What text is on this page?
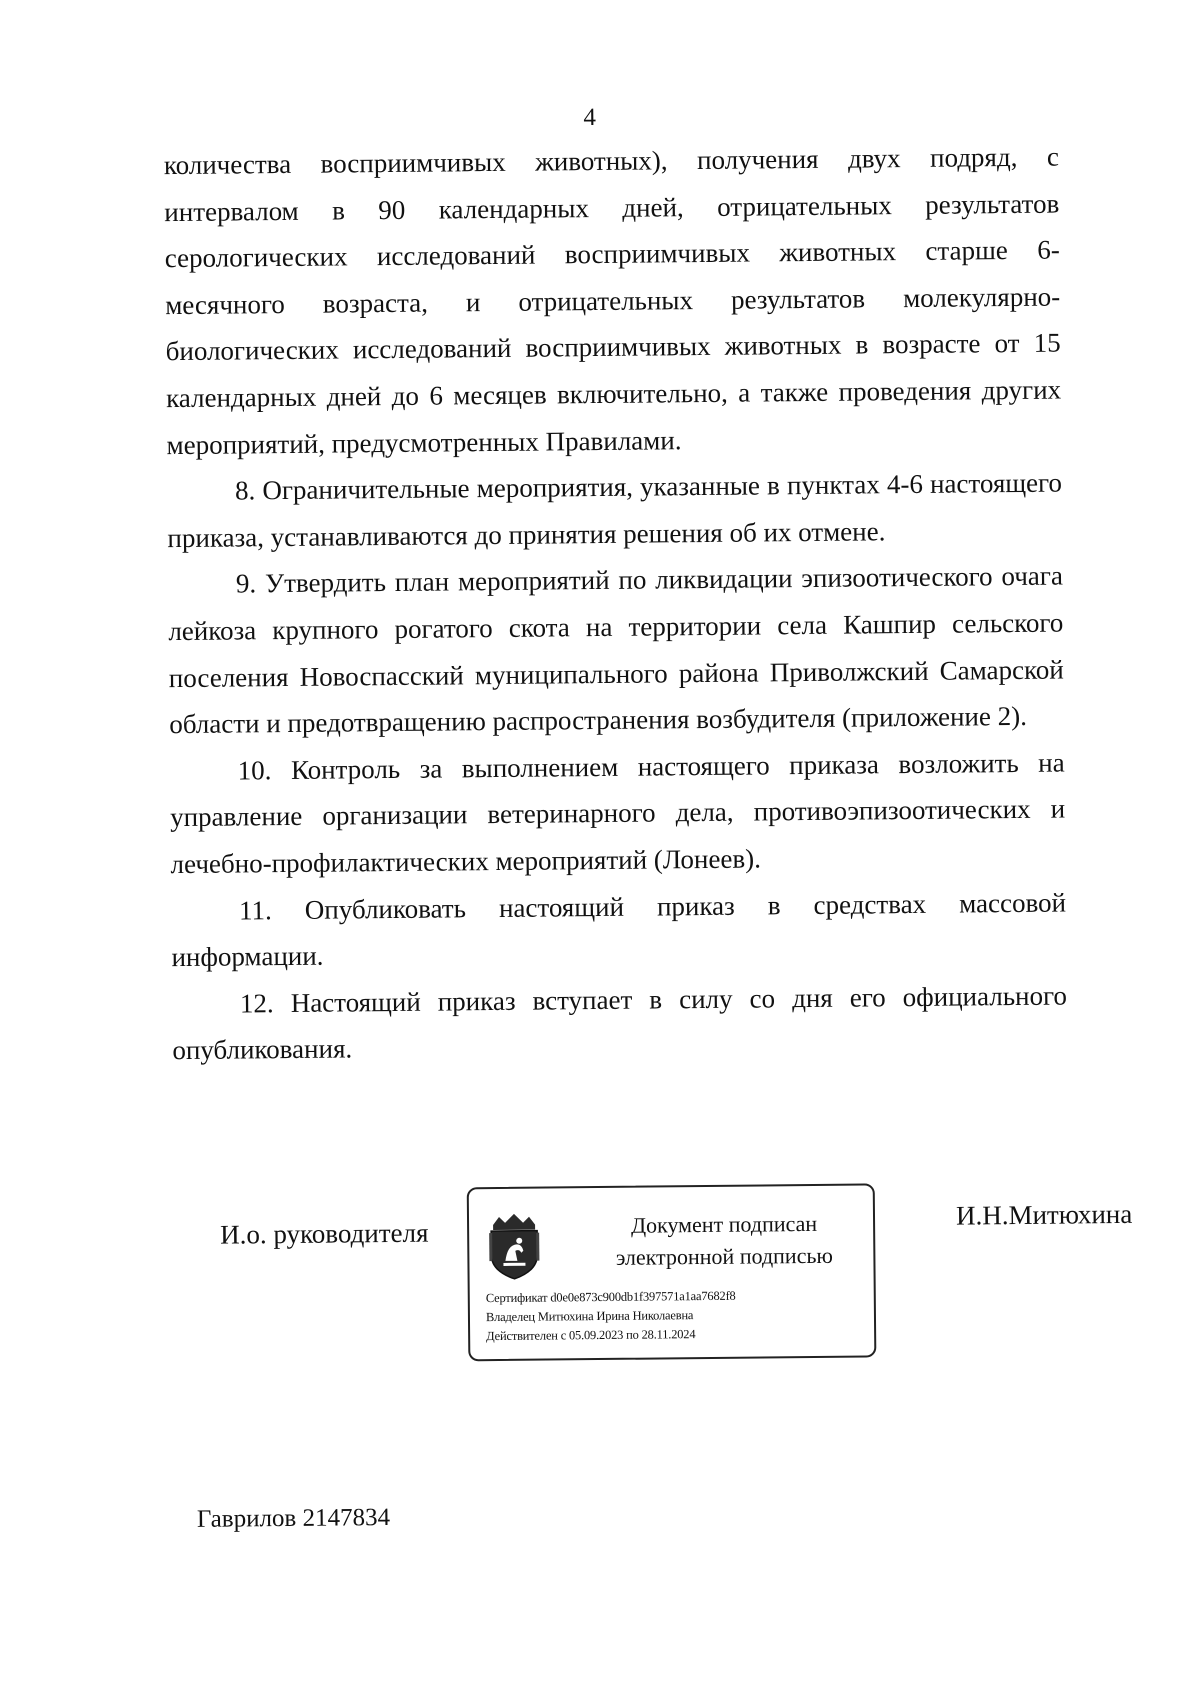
4

количества восприимчивых животных), получения двух подряд, с интервалом в 90 календарных дней, отрицательных результатов серологических исследований восприимчивых животных старше 6-месячного возраста, и отрицательных результатов молекулярно-биологических исследований восприимчивых животных в возрасте от 15 календарных дней до 6 месяцев включительно, а также проведения других мероприятий, предусмотренных Правилами.

8. Ограничительные мероприятия, указанные в пунктах 4-6 настоящего приказа, устанавливаются до принятия решения об их отмене.

9. Утвердить план мероприятий по ликвидации эпизоотического очага лейкоза крупного рогатого скота на территории села Кашпир сельского поселения Новоспасский муниципального района Приволжский Самарской области и предотвращению распространения возбудителя (приложение 2).

10. Контроль за выполнением настоящего приказа возложить на управление организации ветеринарного дела, противоэпизоотических и лечебно-профилактических мероприятий (Лонеев).

11. Опубликовать настоящий приказ в средствах массовой информации.

12. Настоящий приказ вступает в силу со дня его официального опубликования.

И.о. руководителя	Документ подписан
электронной подписью
Сертификат d0e0e873c900db1f397571a1aa7682f8
Владелец Митюхина Ирина Николаевна
Действителен с 05.09.2023 по 28.11.2024
И.Н.Митюхина
Гаврилов 2147834
